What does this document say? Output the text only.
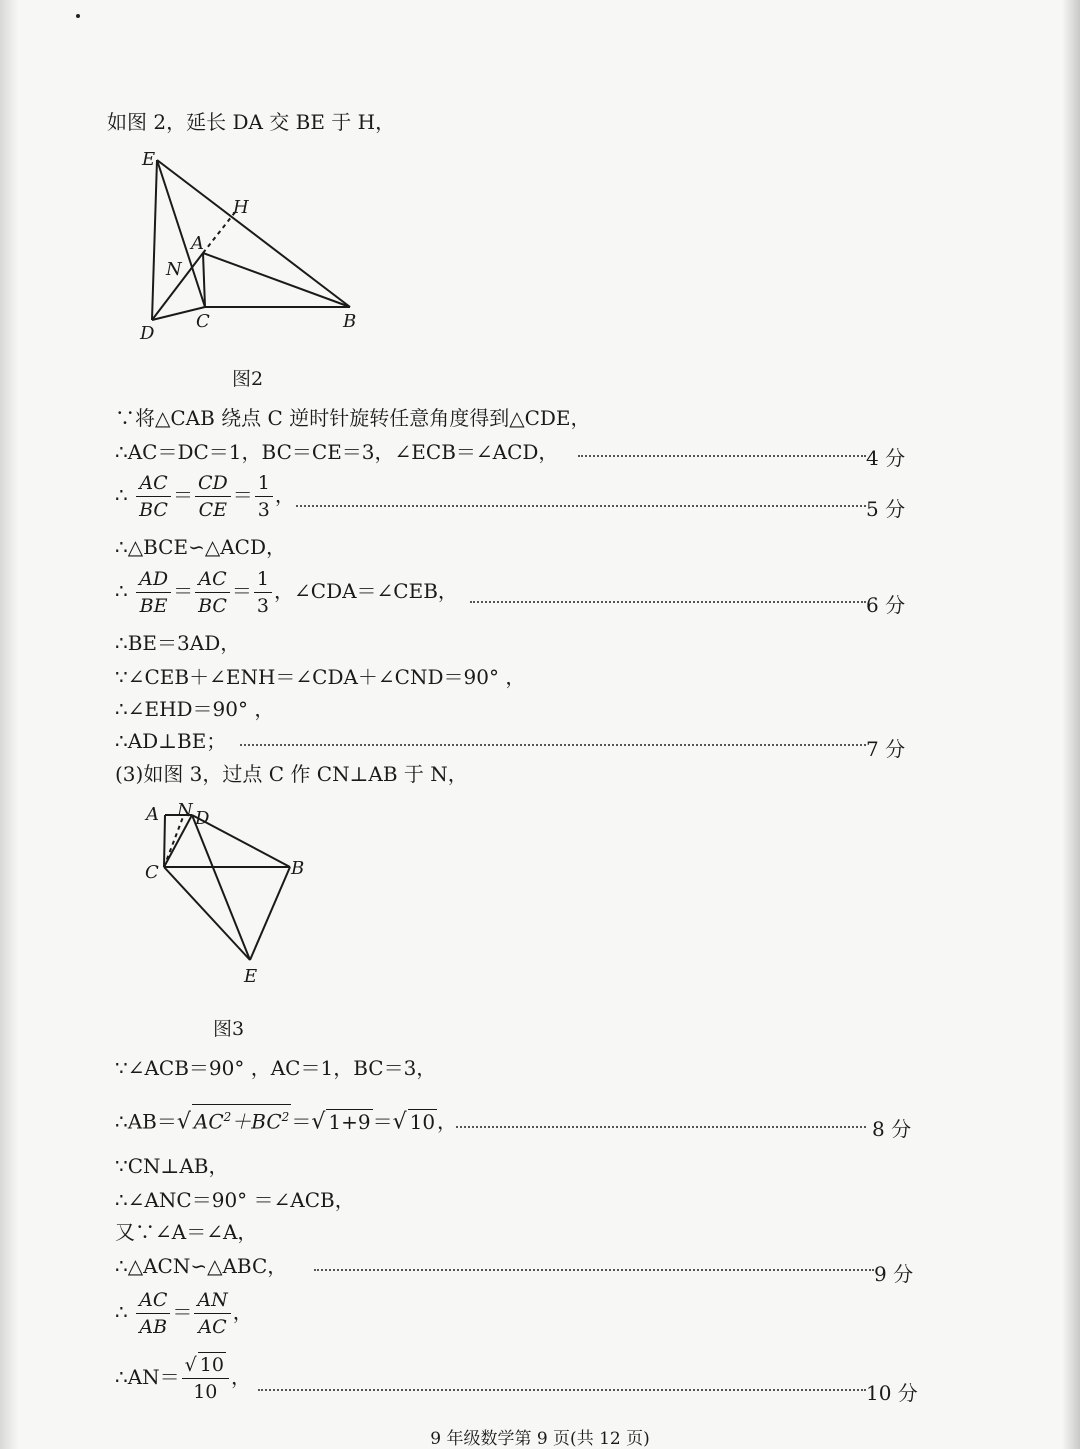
如图 2，延长 DA 交 BE 于 H，
E
H
A
N
D
C	B
图2
∵将△CAB 绕点 C 逆时针旋转任意角度得到△CDE，
∴AC＝DC＝1，BC＝CE＝3，∠ECB＝∠ACD，	4 分
∴ $\frac{AC}{BC} = \frac{CD}{CE} = \frac{1}{3}$ ，
5 分
∴△BCE∽△ACD，
∴ $\frac{AD}{BE} = \frac{AC}{BC} = \frac{1}{3}$ ，∠CDA＝∠CEB，
6 分
∴BE＝3AD，
∵∠CEB＋∠ENH＝∠CDA＋∠CND＝90° ，
∴∠EHD＝90° ，
∴AD⊥BE；	7 分
(3)如图 3，过点 C 作 CN⊥AB 于 N，
A N D
C	B
E
图3
∵∠ACB＝90° ，AC＝1，BC＝3，
∴AB＝√ $AC^2+BC^2$ ＝√ 1+9 ＝√ 10 ，	8 分
∵CN⊥AB，
∴∠ANC＝90° ＝∠ACB，
又∵∠A＝∠A，
∴△ACN∽△ABC，	9 分
∴ $\frac{AC}{AB} = \frac{AN}{AC}$ ，
∴AN＝ $\frac{√ 10}{10}$ ，
10 分
9 年级数学第 9 页(共 12 页)
